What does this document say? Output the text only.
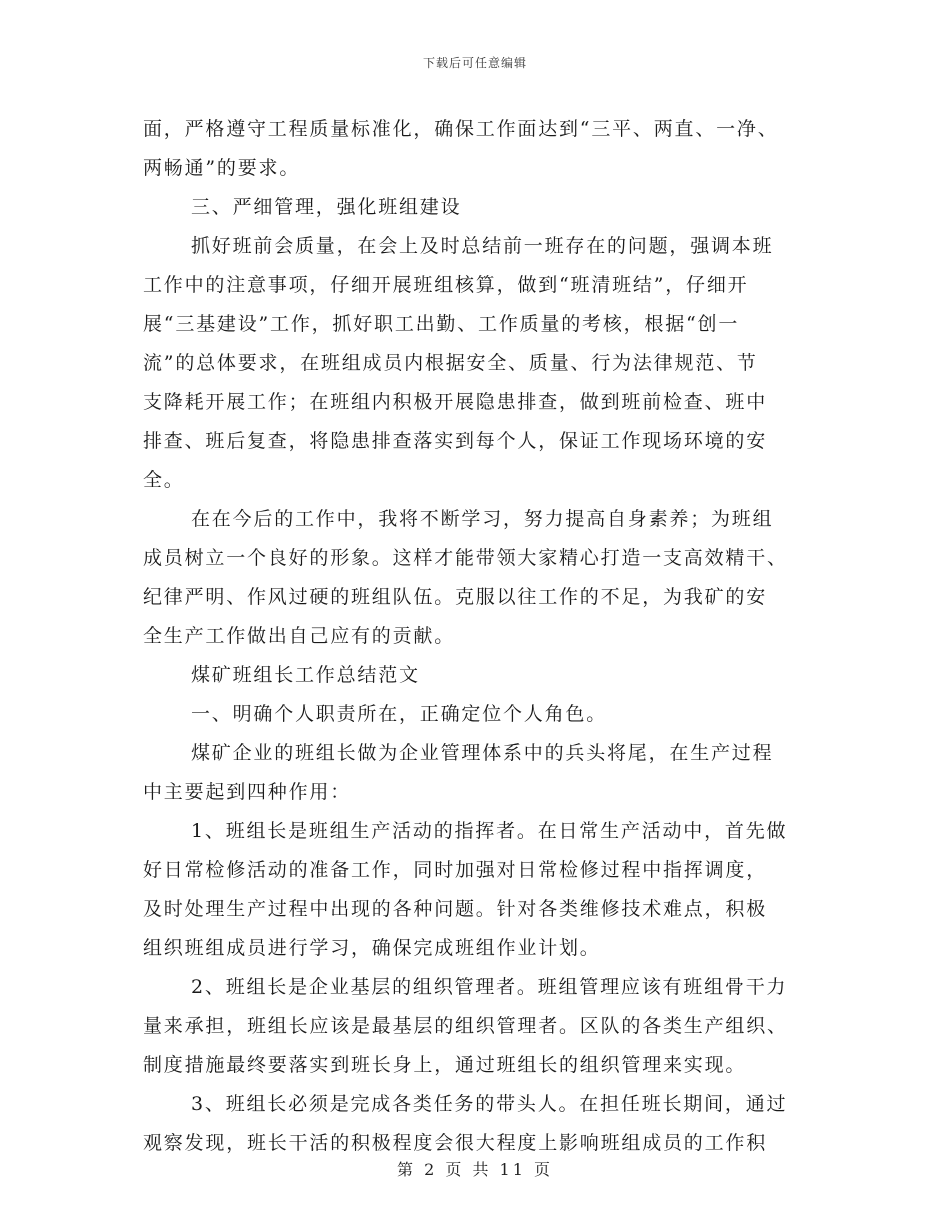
下载后可任意编辑
面，严格遵守工程质量标准化，确保工作面达到“三平、两直、一净、
两畅通”的要求。
三、严细管理，强化班组建设
抓好班前会质量，在会上及时总结前一班存在的问题，强调本班
工作中的注意事项，仔细开展班组核算，做到“班清班结”，仔细开
展“三基建设”工作，抓好职工出勤、工作质量的考核，根据“创一
流”的总体要求，在班组成员内根据安全、质量、行为法律规范、节
支降耗开展工作；在班组内积极开展隐患排查，做到班前检查、班中
排查、班后复查，将隐患排查落实到每个人，保证工作现场环境的安
全。
在在今后的工作中，我将不断学习，努力提高自身素养；为班组
成员树立一个良好的形象。这样才能带领大家精心打造一支高效精干、
纪律严明、作风过硬的班组队伍。克服以往工作的不足，为我矿的安
全生产工作做出自己应有的贡献。
煤矿班组长工作总结范文
一、明确个人职责所在，正确定位个人角色。
煤矿企业的班组长做为企业管理体系中的兵头将尾，在生产过程
中主要起到四种作用：
1、班组长是班组生产活动的指挥者。在日常生产活动中，首先做
好日常检修活动的准备工作，同时加强对日常检修过程中指挥调度，
及时处理生产过程中出现的各种问题。针对各类维修技术难点，积极
组织班组成员进行学习，确保完成班组作业计划。
2、班组长是企业基层的组织管理者。班组管理应该有班组骨干力
量来承担，班组长应该是最基层的组织管理者。区队的各类生产组织、
制度措施最终要落实到班长身上，通过班组长的组织管理来实现。
3、班组长必须是完成各类任务的带头人。在担任班长期间，通过
观察发现，班长干活的积极程度会很大程度上影响班组成员的工作积
第 2 页 共 11 页
